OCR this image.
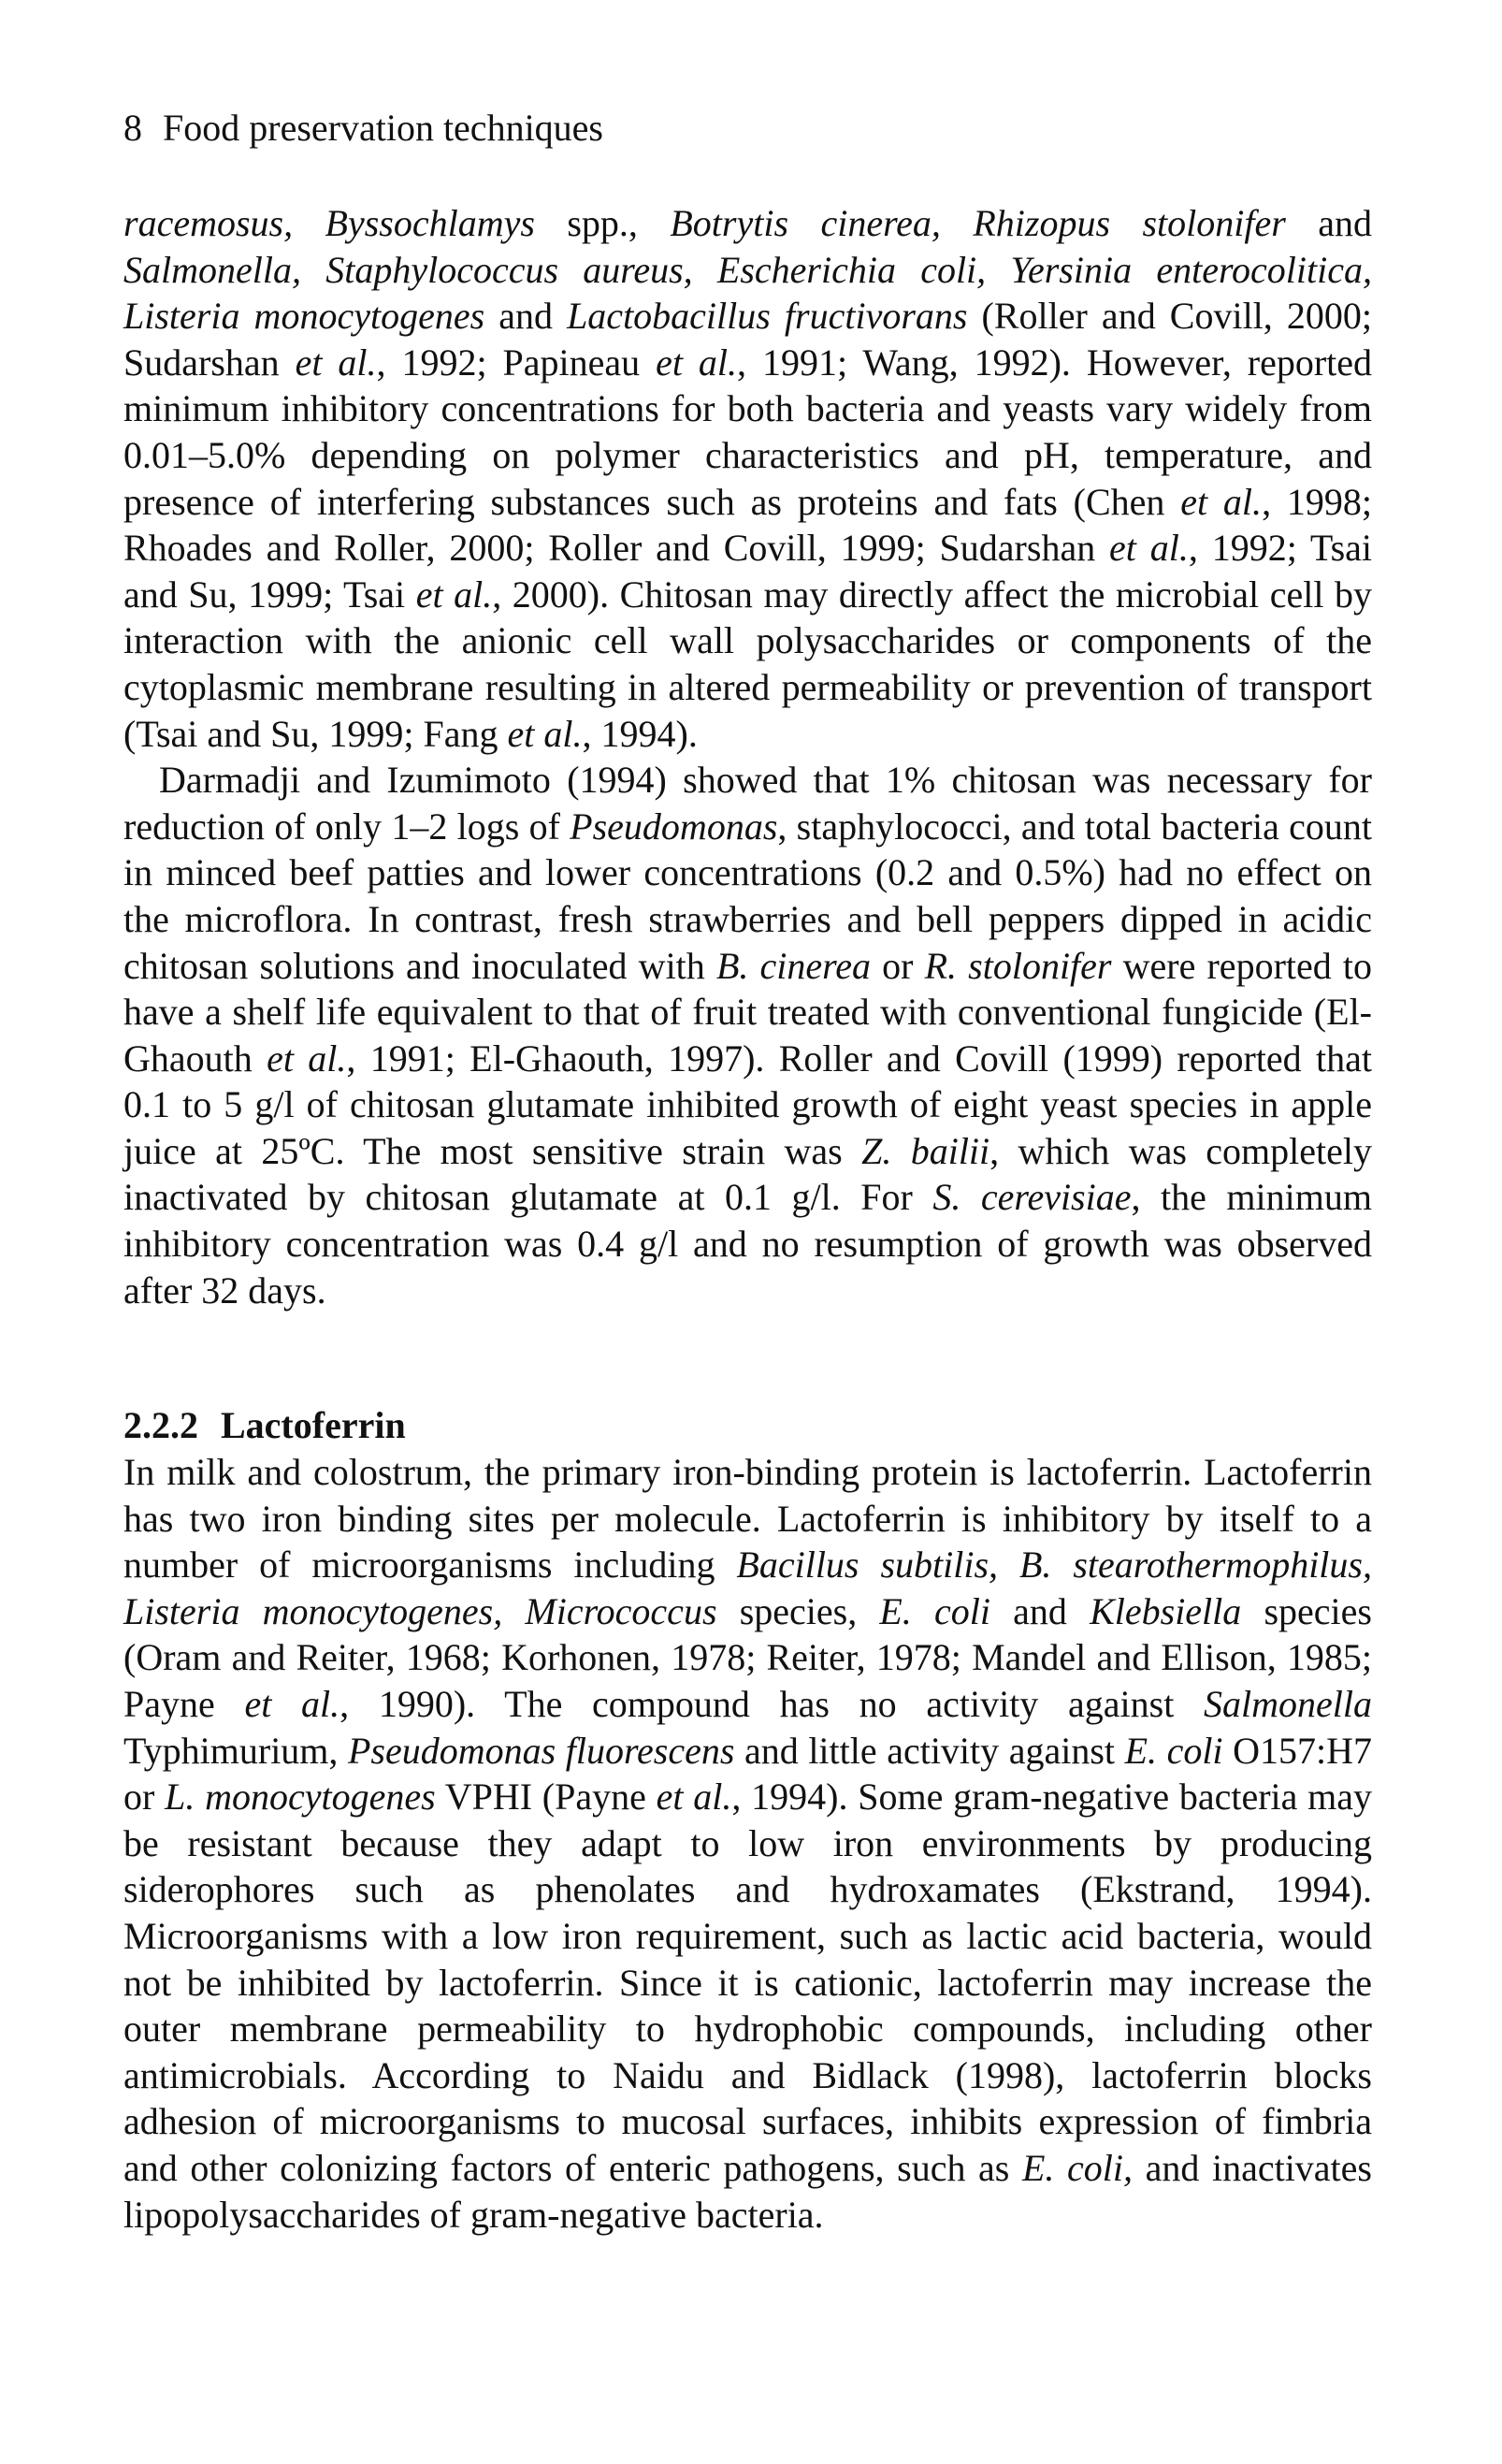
8 Food preservation techniques

racemosus, Byssochlamys spp., Botrytis cinerea, Rhizopus stolonifer and Salmonella, Staphylococcus aureus, Escherichia coli, Yersinia enterocolitica, Listeria monocytogenes and Lactobacillus fructivorans (Roller and Covill, 2000; Sudarshan et al., 1992; Papineau et al., 1991; Wang, 1992). However, reported minimum inhibitory concentrations for both bacteria and yeasts vary widely from 0.01–5.0% depending on polymer characteristics and pH, temperature, and presence of interfering substances such as proteins and fats (Chen et al., 1998; Rhoades and Roller, 2000; Roller and Covill, 1999; Sudarshan et al., 1992; Tsai and Su, 1999; Tsai et al., 2000). Chitosan may directly affect the microbial cell by interaction with the anionic cell wall polysaccharides or components of the cytoplasmic membrane resulting in altered permeability or prevention of transport (Tsai and Su, 1999; Fang et al., 1994).

Darmadji and Izumimoto (1994) showed that 1% chitosan was necessary for reduction of only 1–2 logs of Pseudomonas, staphylococci, and total bacteria count in minced beef patties and lower concentrations (0.2 and 0.5%) had no effect on the microflora. In contrast, fresh strawberries and bell peppers dipped in acidic chitosan solutions and inoculated with B. cinerea or R. stolonifer were reported to have a shelf life equivalent to that of fruit treated with conventional fungicide (El-Ghaouth et al., 1991; El-Ghaouth, 1997). Roller and Covill (1999) reported that 0.1 to 5 g/l of chitosan glutamate inhibited growth of eight yeast species in apple juice at 25ºC. The most sensitive strain was Z. bailii, which was completely inactivated by chitosan glutamate at 0.1 g/l. For S. cerevisiae, the minimum inhibitory concentration was 0.4 g/l and no resumption of growth was observed after 32 days.

2.2.2 Lactoferrin

In milk and colostrum, the primary iron-binding protein is lactoferrin. Lactoferrin has two iron binding sites per molecule. Lactoferrin is inhibitory by itself to a number of microorganisms including Bacillus subtilis, B. stearothermophilus, Listeria monocytogenes, Micrococcus species, E. coli and Klebsiella species (Oram and Reiter, 1968; Korhonen, 1978; Reiter, 1978; Mandel and Ellison, 1985; Payne et al., 1990). The compound has no activity against Salmonella Typhimurium, Pseudomonas fluorescens and little activity against E. coli O157:H7 or L. monocytogenes VPHI (Payne et al., 1994). Some gram-negative bacteria may be resistant because they adapt to low iron environments by producing siderophores such as phenolates and hydroxamates (Ekstrand, 1994). Microorganisms with a low iron requirement, such as lactic acid bacteria, would not be inhibited by lactoferrin. Since it is cationic, lactoferrin may increase the outer membrane permeability to hydrophobic compounds, including other antimicrobials. According to Naidu and Bidlack (1998), lactoferrin blocks adhesion of microorganisms to mucosal surfaces, inhibits expression of fimbria and other colonizing factors of enteric pathogens, such as E. coli, and inactivates lipopolysaccharides of gram-negative bacteria.
